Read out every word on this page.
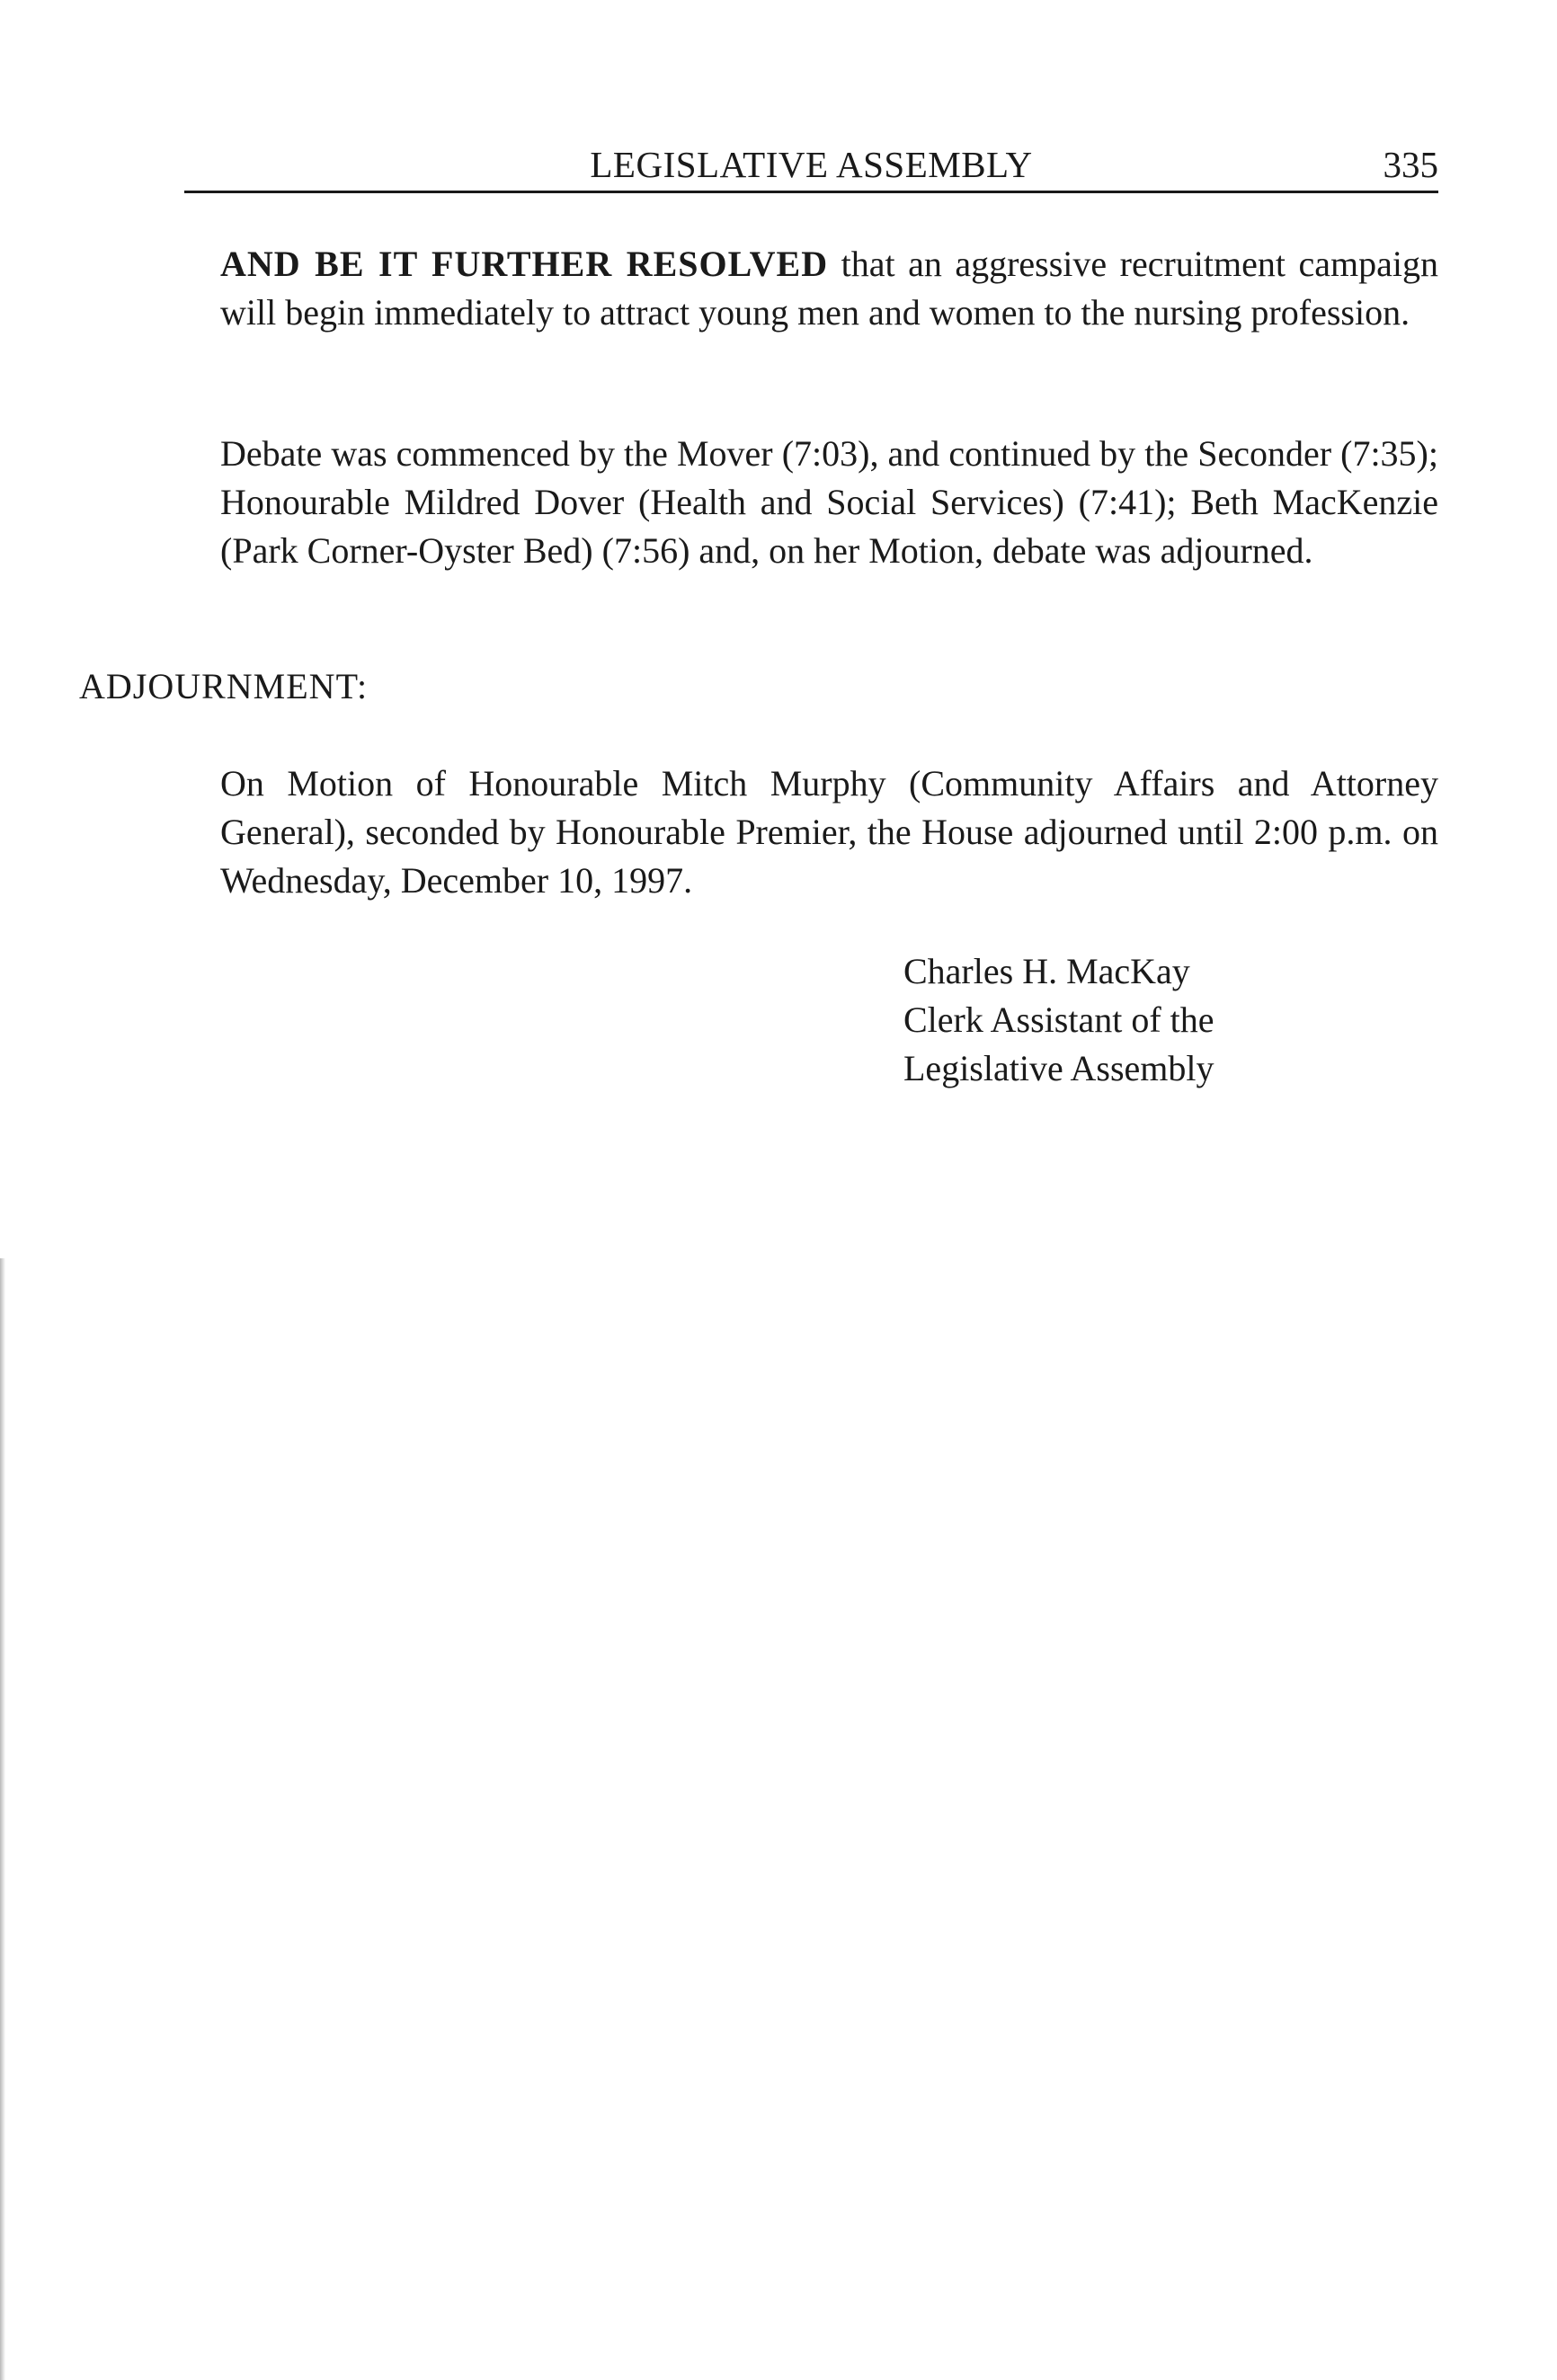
LEGISLATIVE ASSEMBLY	335

AND BE IT FURTHER RESOLVED that an aggressive recruitment campaign will begin immediately to attract young men and women to the nursing profession.

Debate was commenced by the Mover (7:03), and continued by the Seconder (7:35); Honourable Mildred Dover (Health and Social Services) (7:41); Beth MacKenzie (Park Corner-Oyster Bed) (7:56) and, on her Motion, debate was adjourned.

ADJOURNMENT:

On Motion of Honourable Mitch Murphy (Community Affairs and Attorney General), seconded by Honourable Premier, the House adjourned until 2:00 p.m. on Wednesday, December 10, 1997.

Charles H. MacKay
Clerk Assistant of the
Legislative Assembly
